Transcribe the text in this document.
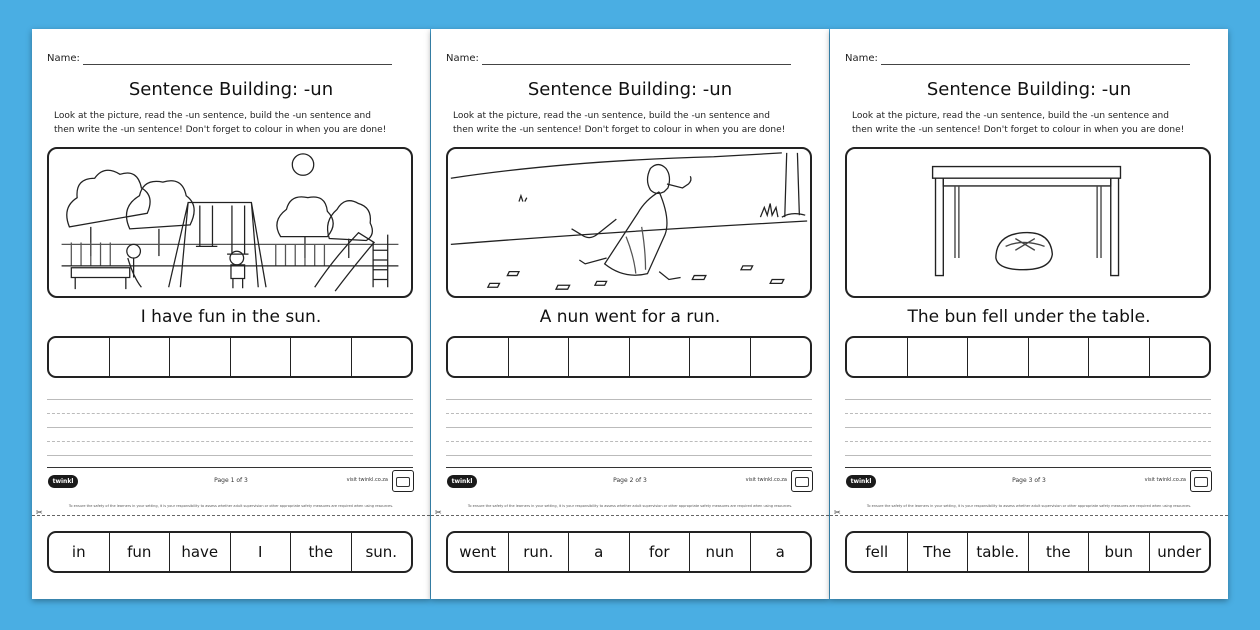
Name:
Sentence Building: -un
Look at the picture, read the -un sentence, build the -un sentence and
then write the -un sentence! Don't forget to colour in when you are done!
I have fun in the sun.
twinkl	Page 1 of 3	visit twinkl.co.za
To ensure the safety of the learners in your setting, it is your responsibility to assess whether adult supervision or other appropriate safety measures are required when using resources.
✂
in	fun	have	I	the	sun.
Name:
Sentence Building: -un
Look at the picture, read the -un sentence, build the -un sentence and
then write the -un sentence! Don't forget to colour in when you are done!
A nun went for a run.
twinkl	Page 2 of 3	visit twinkl.co.za
To ensure the safety of the learners in your setting, it is your responsibility to assess whether adult supervision or other appropriate safety measures are required when using resources.
✂
went	run.	a	for	nun	a
Name:
Sentence Building: -un
Look at the picture, read the -un sentence, build the -un sentence and
then write the -un sentence! Don't forget to colour in when you are done!
The bun fell under the table.
twinkl	Page 3 of 3	visit twinkl.co.za
To ensure the safety of the learners in your setting, it is your responsibility to assess whether adult supervision or other appropriate safety measures are required when using resources.
✂
fell	The	table.	the	bun	under
